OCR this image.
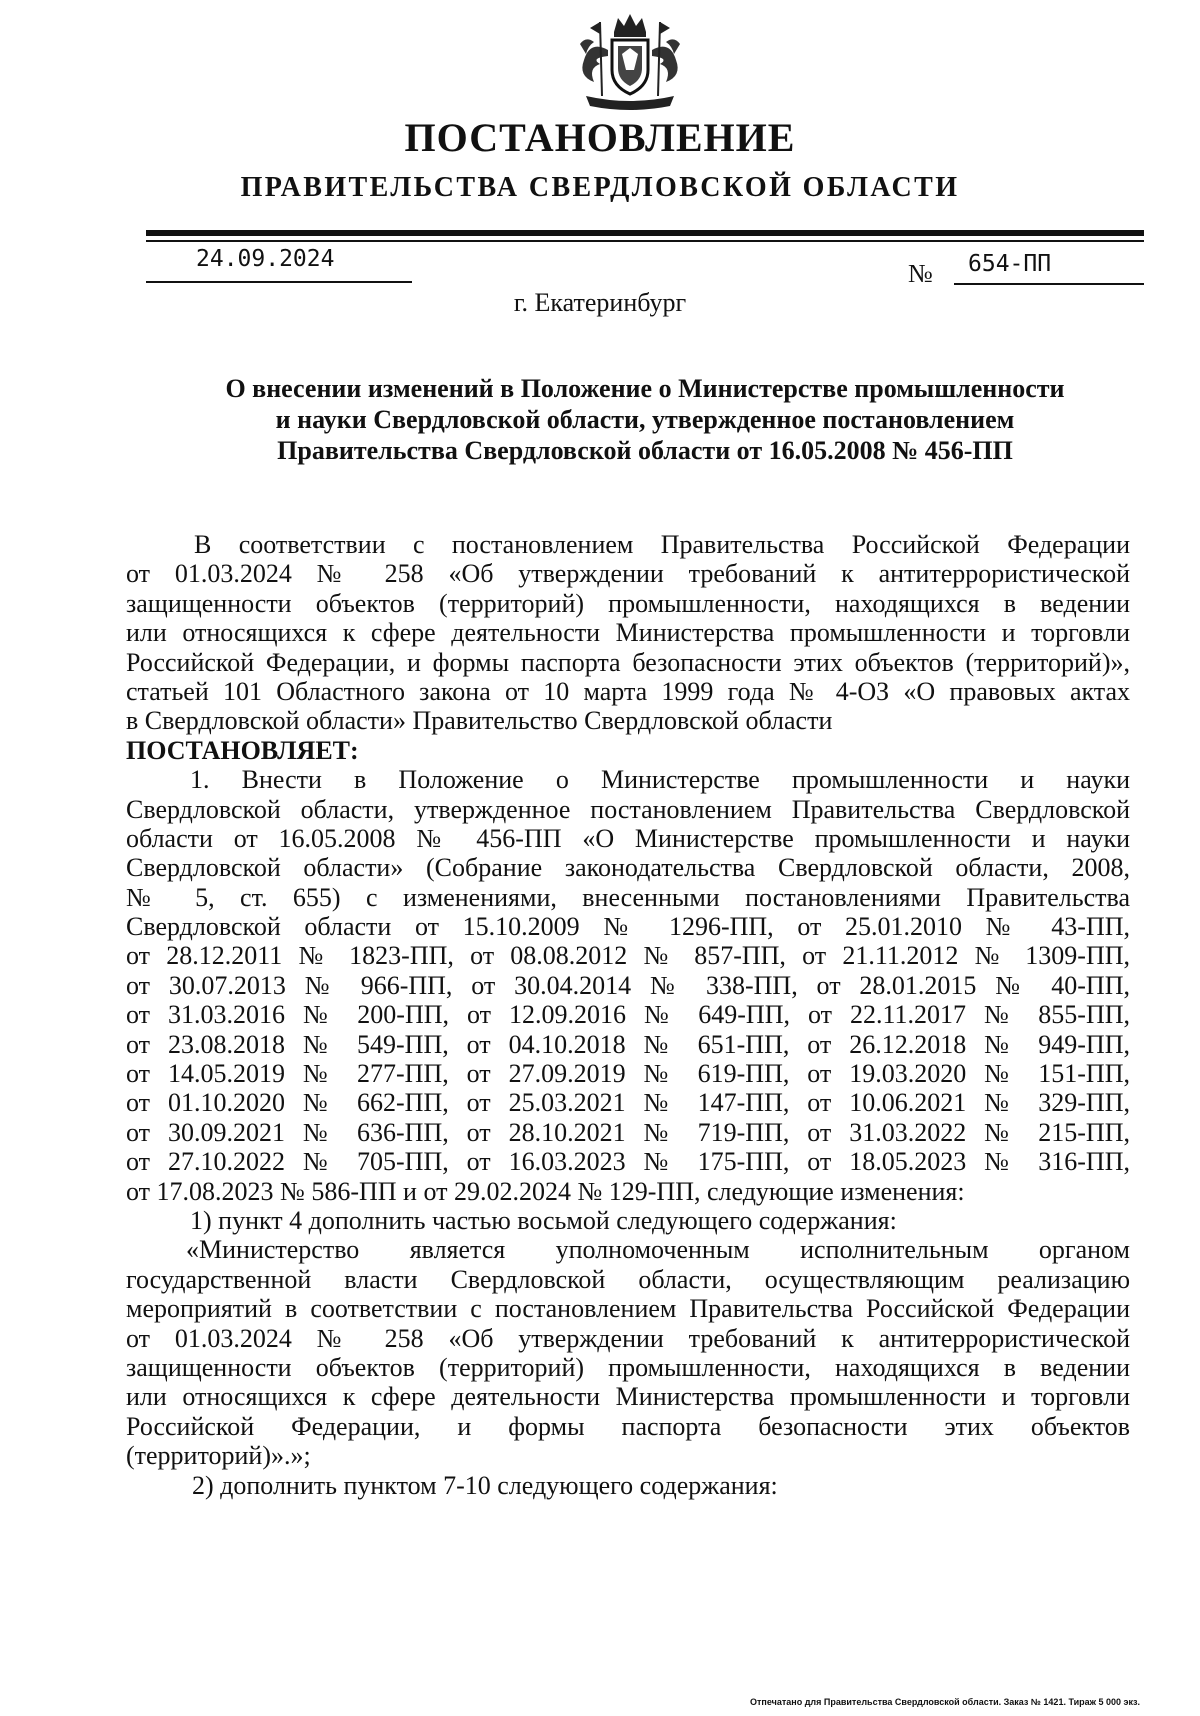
ПОСТАНОВЛЕНИЕ
ПРАВИТЕЛЬСТВА СВЕРДЛОВСКОЙ ОБЛАСТИ
24.09.2024	№ 654-ПП
г. Екатеринбург
О внесении изменений в Положение о Министерстве промышленности
и науки Свердловской области, утвержденное постановлением
Правительства Свердловской области от 16.05.2008 № 456-ПП
В соответствии с постановлением Правительства Российской Федерации
от 01.03.2024 № 258 «Об утверждении требований к антитеррористической
защищенности объектов (территорий) промышленности, находящихся в ведении
или относящихся к сфере деятельности Министерства промышленности и торговли
Российской Федерации, и формы паспорта безопасности этих объектов (территорий)»,
статьей 101 Областного закона от 10 марта 1999 года № 4-ОЗ «О правовых актах
в Свердловской области» Правительство Свердловской области
ПОСТАНОВЛЯЕТ:
1. Внести в Положение о Министерстве промышленности и науки
Свердловской области, утвержденное постановлением Правительства Свердловской
области от 16.05.2008 № 456-ПП «О Министерстве промышленности и науки
Свердловской области» (Собрание законодательства Свердловской области, 2008,
№ 5, ст. 655) с изменениями, внесенными постановлениями Правительства
Свердловской области от 15.10.2009 № 1296-ПП, от 25.01.2010 № 43-ПП,
от 28.12.2011 № 1823-ПП, от 08.08.2012 № 857-ПП, от 21.11.2012 № 1309-ПП,
от 30.07.2013 № 966-ПП, от 30.04.2014 № 338-ПП, от 28.01.2015 № 40-ПП,
от 31.03.2016 № 200-ПП, от 12.09.2016 № 649-ПП, от 22.11.2017 № 855-ПП,
от 23.08.2018 № 549-ПП, от 04.10.2018 № 651-ПП, от 26.12.2018 № 949-ПП,
от 14.05.2019 № 277-ПП, от 27.09.2019 № 619-ПП, от 19.03.2020 № 151-ПП,
от 01.10.2020 № 662-ПП, от 25.03.2021 № 147-ПП, от 10.06.2021 № 329-ПП,
от 30.09.2021 № 636-ПП, от 28.10.2021 № 719-ПП, от 31.03.2022 № 215-ПП,
от 27.10.2022 № 705-ПП, от 16.03.2023 № 175-ПП, от 18.05.2023 № 316-ПП,
от 17.08.2023 № 586-ПП и от 29.02.2024 № 129-ПП, следующие изменения:
1) пункт 4 дополнить частью восьмой следующего содержания:
«Министерство является уполномоченным исполнительным органом
государственной власти Свердловской области, осуществляющим реализацию
мероприятий в соответствии с постановлением Правительства Российской Федерации
от 01.03.2024 № 258 «Об утверждении требований к антитеррористической
защищенности объектов (территорий) промышленности, находящихся в ведении
или относящихся к сфере деятельности Министерства промышленности и торговли
Российской Федерации, и формы паспорта безопасности этих объектов
(территорий)».»;
2) дополнить пунктом 7-10 следующего содержания:
Отпечатано для Правительства Свердловской области. Заказ № 1421. Тираж 5 000 экз.
